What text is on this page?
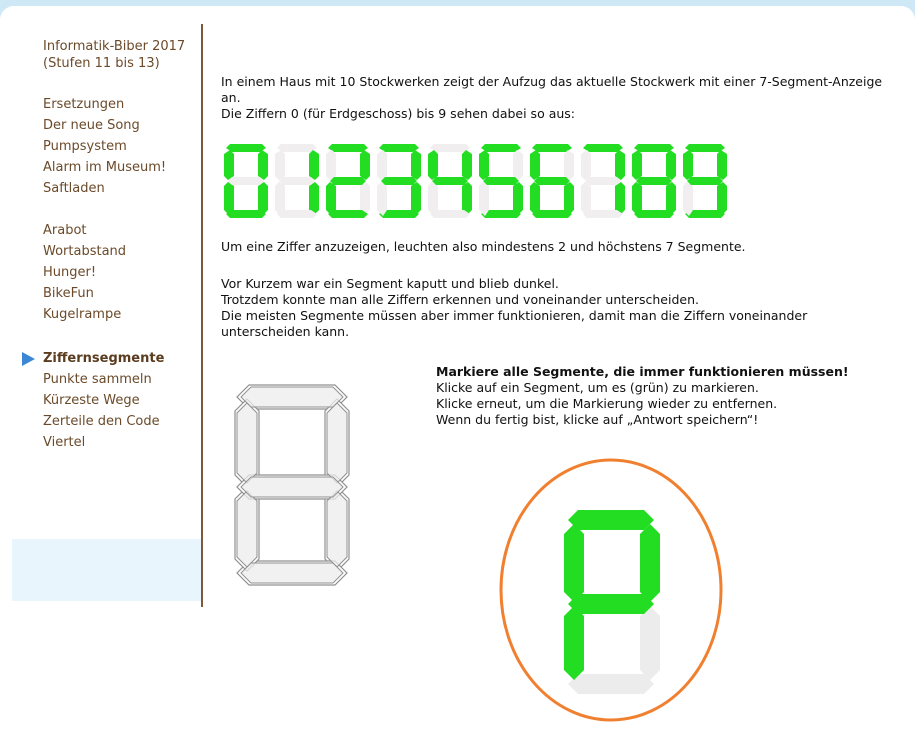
Informatik-Biber 2017
(Stufen 11 bis 13)
Ersetzungen
Der neue Song
Pumpsystem
Alarm im Museum!
Saftladen
Arabot
Wortabstand
Hunger!
BikeFun
Kugelrampe
Ziffernsegmente
Punkte sammeln
Kürzeste Wege
Zerteile den Code
Viertel
In einem Haus mit 10 Stockwerken zeigt der Aufzug das aktuelle Stockwerk mit einer 7-Segment-Anzeige
an.
Die Ziffern 0 (für Erdgeschoss) bis 9 sehen dabei so aus:
Um eine Ziffer anzuzeigen, leuchten also mindestens 2 und höchstens 7 Segmente.
Vor Kurzem war ein Segment kaputt und blieb dunkel.
Trotzdem konnte man alle Ziffern erkennen und voneinander unterscheiden.
Die meisten Segmente müssen aber immer funktionieren, damit man die Ziffern voneinander
unterscheiden kann.
Markiere alle Segmente, die immer funktionieren müssen!
Klicke auf ein Segment, um es (grün) zu markieren.
Klicke erneut, um die Markierung wieder zu entfernen.
Wenn du fertig bist, klicke auf „Antwort speichern“!
